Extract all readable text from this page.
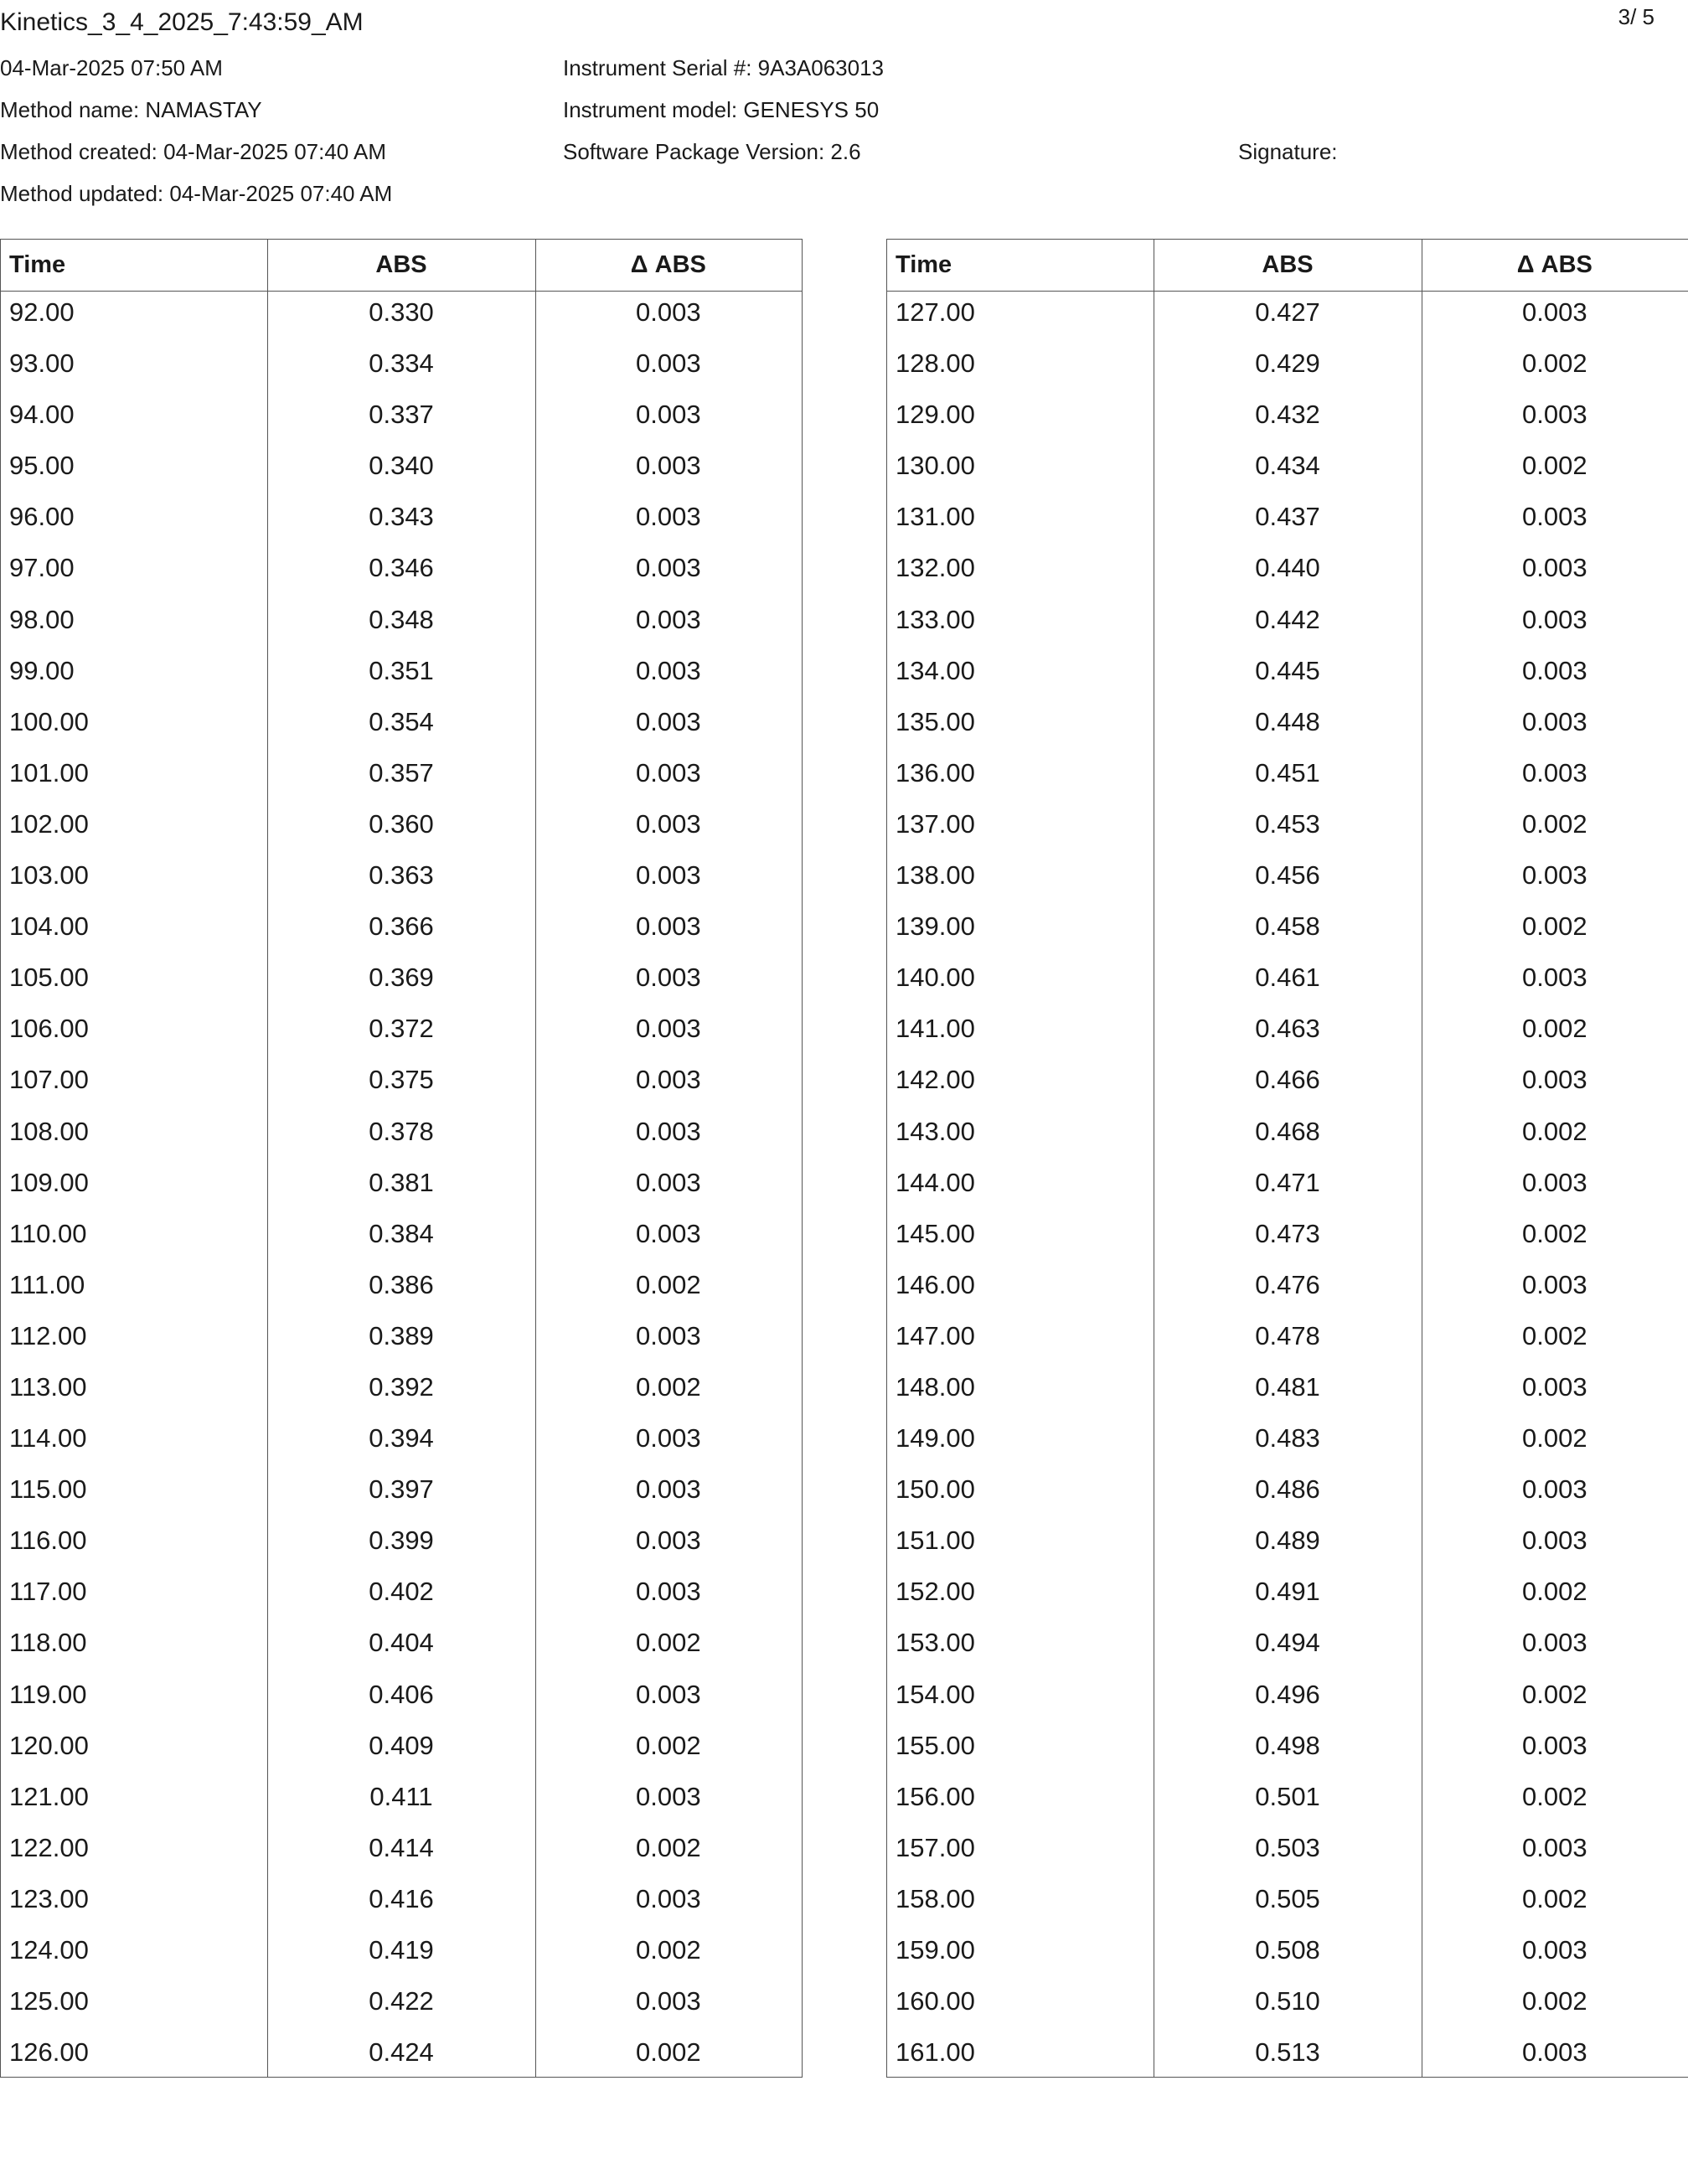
Kinetics_3_4_2025_7:43:59_AM	3/ 5
04-Mar-2025 07:50 AM
Method name: NAMASTAY
Method created: 04-Mar-2025 07:40 AM
Method updated: 04-Mar-2025 07:40 AM
Instrument Serial #: 9A3A063013
Instrument model: GENESYS 50
Software Package Version: 2.6	Signature:
Time	ABS	Δ ABS
92.00	0.330	0.003
93.00	0.334	0.003
94.00	0.337	0.003
95.00	0.340	0.003
96.00	0.343	0.003
97.00	0.346	0.003
98.00	0.348	0.003
99.00	0.351	0.003
100.00	0.354	0.003
101.00	0.357	0.003
102.00	0.360	0.003
103.00	0.363	0.003
104.00	0.366	0.003
105.00	0.369	0.003
106.00	0.372	0.003
107.00	0.375	0.003
108.00	0.378	0.003
109.00	0.381	0.003
110.00	0.384	0.003
111.00	0.386	0.002
112.00	0.389	0.003
113.00	0.392	0.002
114.00	0.394	0.003
115.00	0.397	0.003
116.00	0.399	0.003
117.00	0.402	0.003
118.00	0.404	0.002
119.00	0.406	0.003
120.00	0.409	0.002
121.00	0.411	0.003
122.00	0.414	0.002
123.00	0.416	0.003
124.00	0.419	0.002
125.00	0.422	0.003
126.00	0.424	0.002
Time	ABS	Δ ABS
127.00	0.427	0.003
128.00	0.429	0.002
129.00	0.432	0.003
130.00	0.434	0.002
131.00	0.437	0.003
132.00	0.440	0.003
133.00	0.442	0.003
134.00	0.445	0.003
135.00	0.448	0.003
136.00	0.451	0.003
137.00	0.453	0.002
138.00	0.456	0.003
139.00	0.458	0.002
140.00	0.461	0.003
141.00	0.463	0.002
142.00	0.466	0.003
143.00	0.468	0.002
144.00	0.471	0.003
145.00	0.473	0.002
146.00	0.476	0.003
147.00	0.478	0.002
148.00	0.481	0.003
149.00	0.483	0.002
150.00	0.486	0.003
151.00	0.489	0.003
152.00	0.491	0.002
153.00	0.494	0.003
154.00	0.496	0.002
155.00	0.498	0.003
156.00	0.501	0.002
157.00	0.503	0.003
158.00	0.505	0.002
159.00	0.508	0.003
160.00	0.510	0.002
161.00	0.513	0.003
